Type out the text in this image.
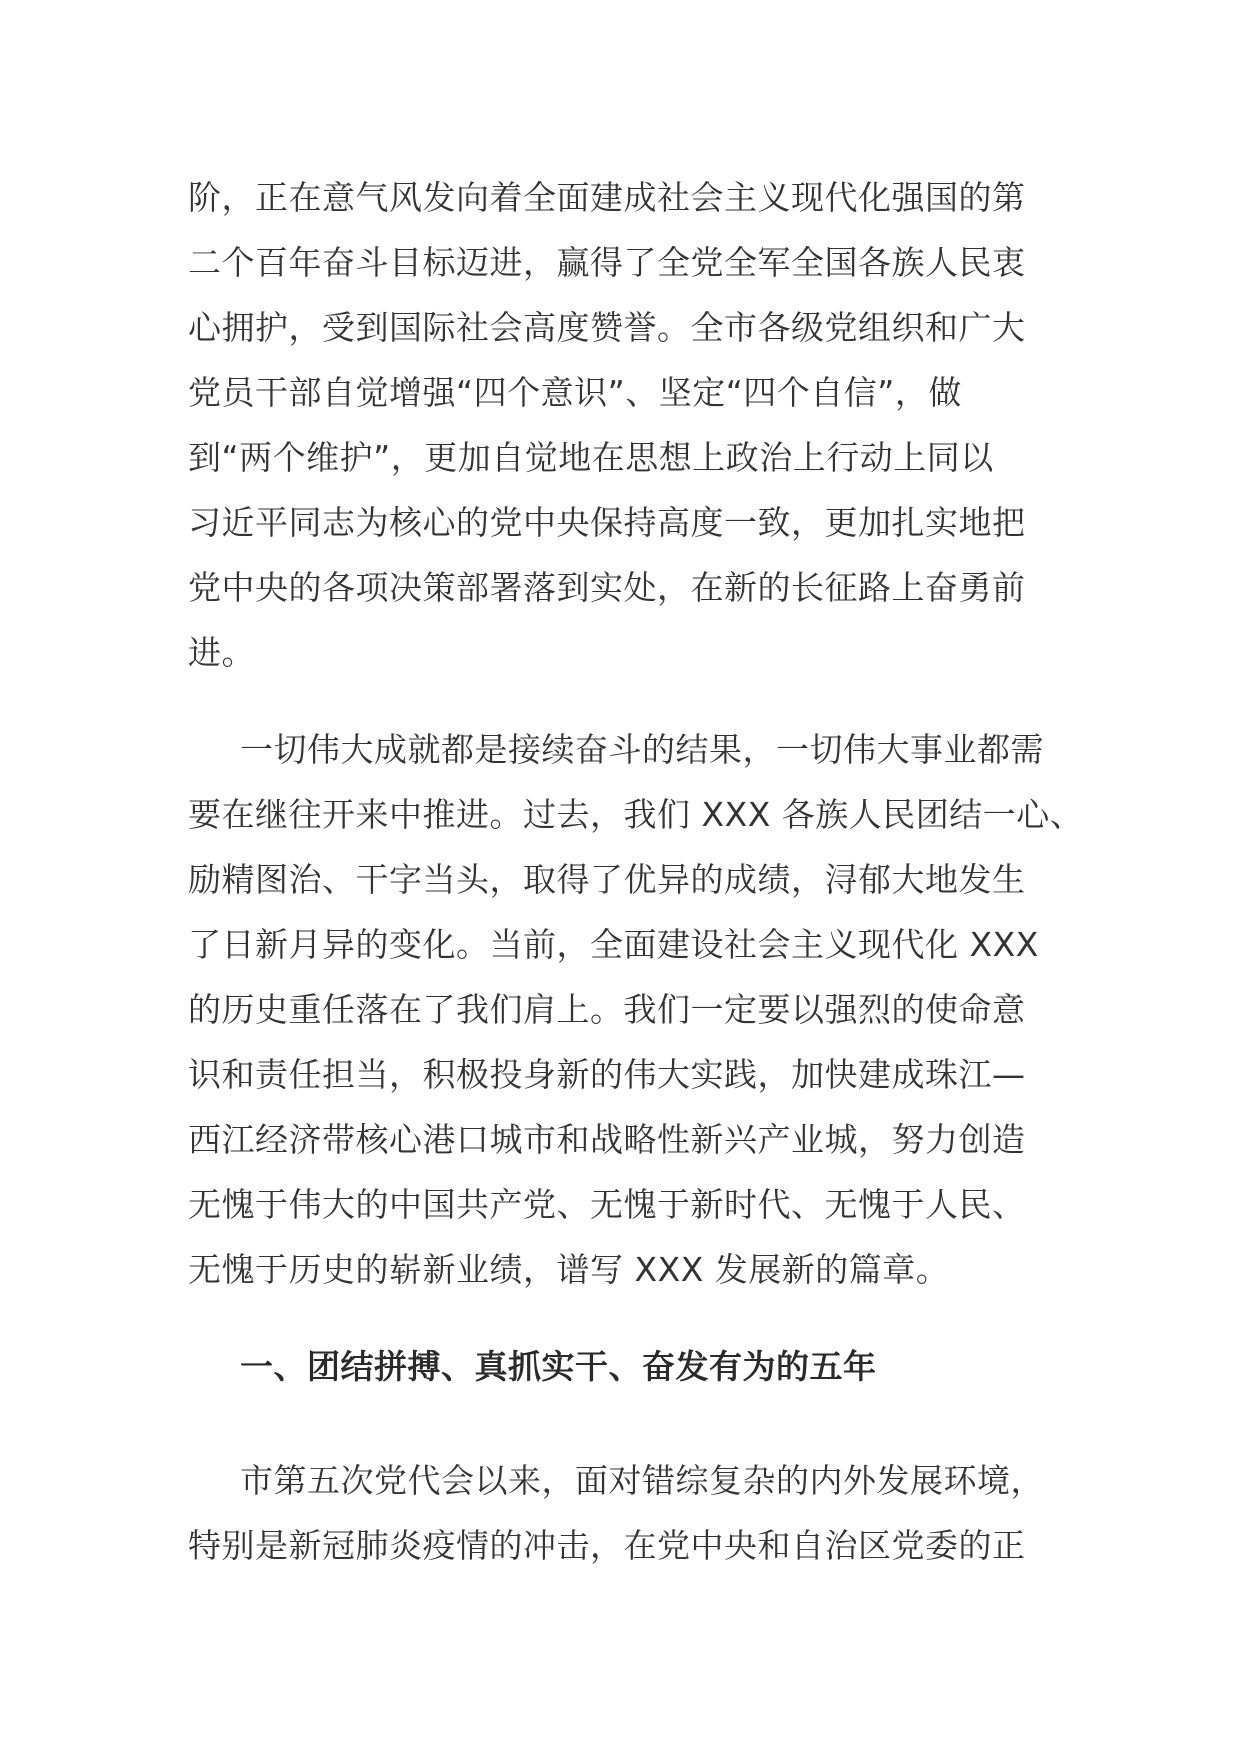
阶，正在意气风发向着全面建成社会主义现代化强国的第
二个百年奋斗目标迈进，赢得了全党全军全国各族人民衷
心拥护，受到国际社会高度赞誉。全市各级党组织和广大
党员干部自觉增强“四个意识”、坚定“四个自信”，做
到“两个维护”，更加自觉地在思想上政治上行动上同以
习近平同志为核心的党中央保持高度一致，更加扎实地把
党中央的各项决策部署落到实处，在新的长征路上奋勇前
进。
一切伟大成就都是接续奋斗的结果，一切伟大事业都需
要在继往开来中推进。过去，我们 XXX 各族人民团结一心、
励精图治、干字当头，取得了优异的成绩，浔郁大地发生
了日新月异的变化。当前，全面建设社会主义现代化 XXX
的历史重任落在了我们肩上。我们一定要以强烈的使命意
识和责任担当，积极投身新的伟大实践，加快建成珠江—
西江经济带核心港口城市和战略性新兴产业城，努力创造
无愧于伟大的中国共产党、无愧于新时代、无愧于人民、
无愧于历史的崭新业绩，谱写 XXX 发展新的篇章。
一、团结拼搏、真抓实干、奋发有为的五年
市第五次党代会以来，面对错综复杂的内外发展环境，
特别是新冠肺炎疫情的冲击，在党中央和自治区党委的正
